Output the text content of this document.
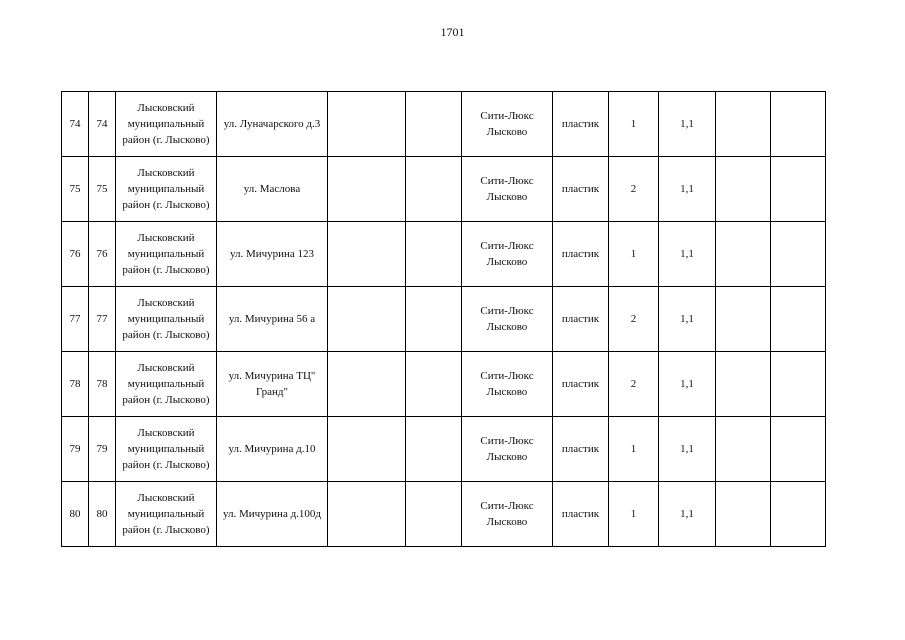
1701
74	74	Лысковский муниципальный район (г. Лысково)	ул. Луначарского д.3			Сити-Люкс Лысково	пластик	1	1,1		
75	75	Лысковский муниципальный район (г. Лысково)	ул. Маслова			Сити-Люкс Лысково	пластик	2	1,1		
76	76	Лысковский муниципальный район (г. Лысково)	ул. Мичурина 123			Сити-Люкс Лысково	пластик	1	1,1		
77	77	Лысковский муниципальный район (г. Лысково)	ул. Мичурина 56 а			Сити-Люкс Лысково	пластик	2	1,1		
78	78	Лысковский муниципальный район (г. Лысково)	ул. Мичурина ТЦ" Гранд"			Сити-Люкс Лысково	пластик	2	1,1		
79	79	Лысковский муниципальный район (г. Лысково)	ул. Мичурина д.10			Сити-Люкс Лысково	пластик	1	1,1		
80	80	Лысковский муниципальный район (г. Лысково)	ул. Мичурина д.100д			Сити-Люкс Лысково	пластик	1	1,1		
